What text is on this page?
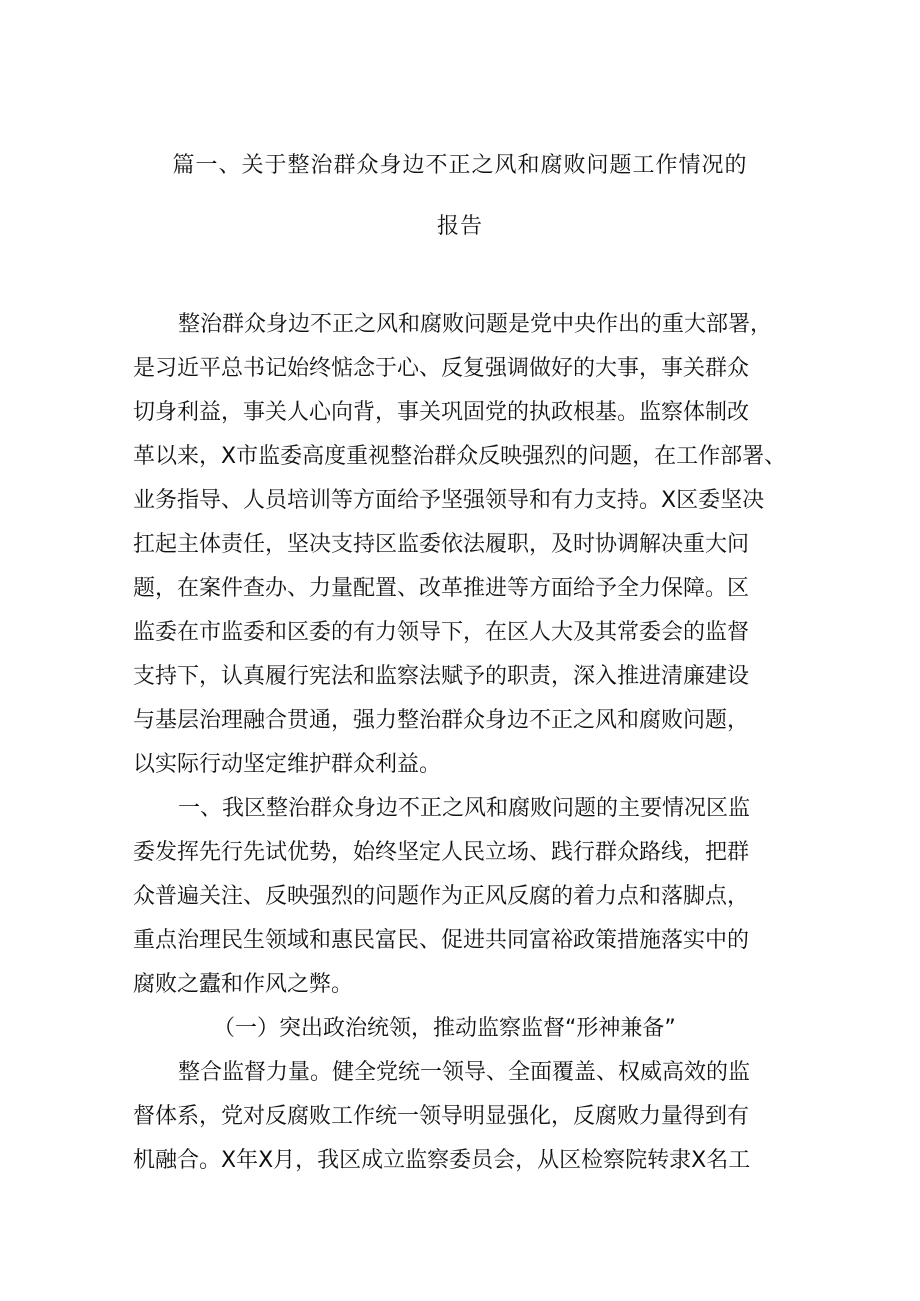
篇一、关于整治群众身边不正之风和腐败问题工作情况的
报告
整治群众身边不正之风和腐败问题是党中央作出的重大部署，
是习近平总书记始终惦念于心、反复强调做好的大事，事关群众
切身利益，事关人心向背，事关巩固党的执政根基。监察体制改
革以来，X市监委高度重视整治群众反映强烈的问题，在工作部署、
业务指导、人员培训等方面给予坚强领导和有力支持。X区委坚决
扛起主体责任，坚决支持区监委依法履职，及时协调解决重大问
题，在案件查办、力量配置、改革推进等方面给予全力保障。区
监委在市监委和区委的有力领导下，在区人大及其常委会的监督
支持下，认真履行宪法和监察法赋予的职责，深入推进清廉建设
与基层治理融合贯通，强力整治群众身边不正之风和腐败问题，
以实际行动坚定维护群众利益。
一、我区整治群众身边不正之风和腐败问题的主要情况区监
委发挥先行先试优势，始终坚定人民立场、践行群众路线，把群
众普遍关注、反映强烈的问题作为正风反腐的着力点和落脚点，
重点治理民生领域和惠民富民、促进共同富裕政策措施落实中的
腐败之蠹和作风之弊。
（一）突出政治统领，推动监察监督“形神兼备”
整合监督力量。健全党统一领导、全面覆盖、权威高效的监
督体系，党对反腐败工作统一领导明显强化，反腐败力量得到有
机融合。X年X月，我区成立监察委员会，从区检察院转隶X名工
